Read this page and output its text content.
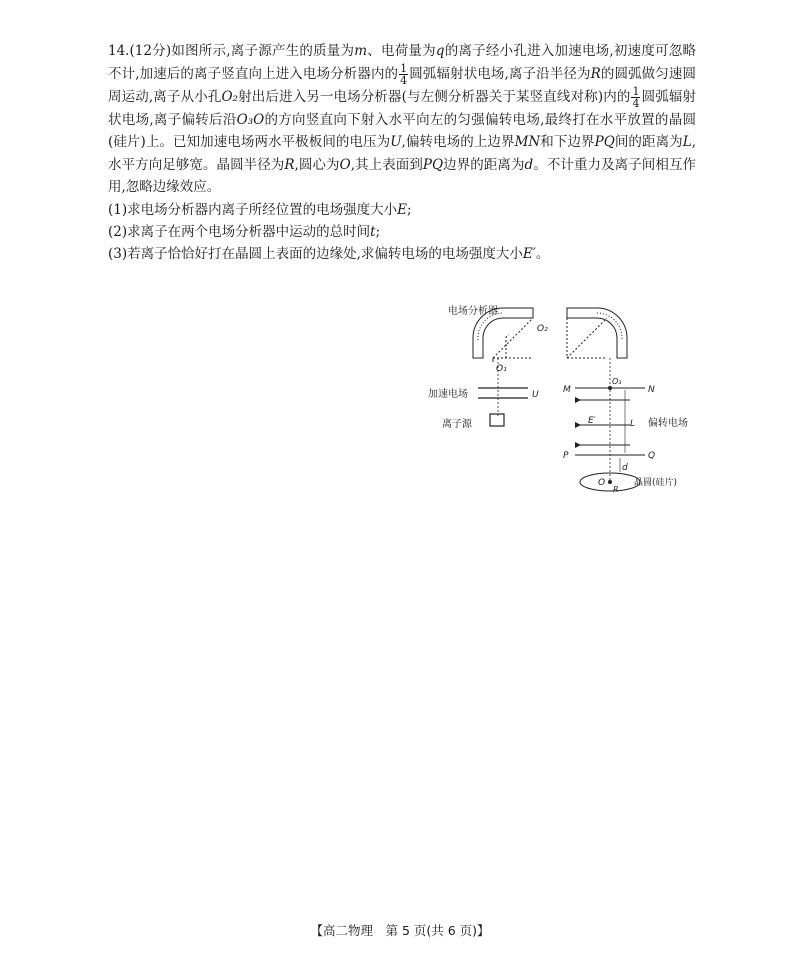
14.(12分)如图所示,离子源产生的质量为m、电荷量为q的离子经小孔进入加速电场,初速度可忽略不计,加速后的离子竖直向上进入电场分析器内的 $\frac{1}{4}$ 圆弧辐射状电场,离子沿半径为R的圆弧做匀速圆周运动,离子从小孔O₂射出后进入另一电场分析器(与左侧分析器关于某竖直线对称)内的 $\frac{1}{4}$ 圆弧辐射状电场,离子偏转后沿O₃O的方向竖直向下射入水平向左的匀强偏转电场,最终打在水平放置的晶圆(硅片)上。已知加速电场两水平极板间的电压为U,偏转电场的上边界MN和下边界PQ间的距离为L,水平方向足够宽。晶圆半径为R,圆心为O,其上表面到PQ边界的距离为d。不计重力及离子间相互作用,忽略边缘效应。

(1)求电场分析器内离子所经位置的电场强度大小E;

(2)求离子在两个电场分析器中运动的总时间t;

(3)若离子恰恰好打在晶圆上表面的边缘处,求偏转电场的电场强度大小E′。

电场分析器
O₂
O₁
加速电场	U
离子源
M	N
O₃
P	Q
E′	L 偏转电场
d
O
R
晶圆(硅片)
【高二物理　第 5 页(共 6 页)】
